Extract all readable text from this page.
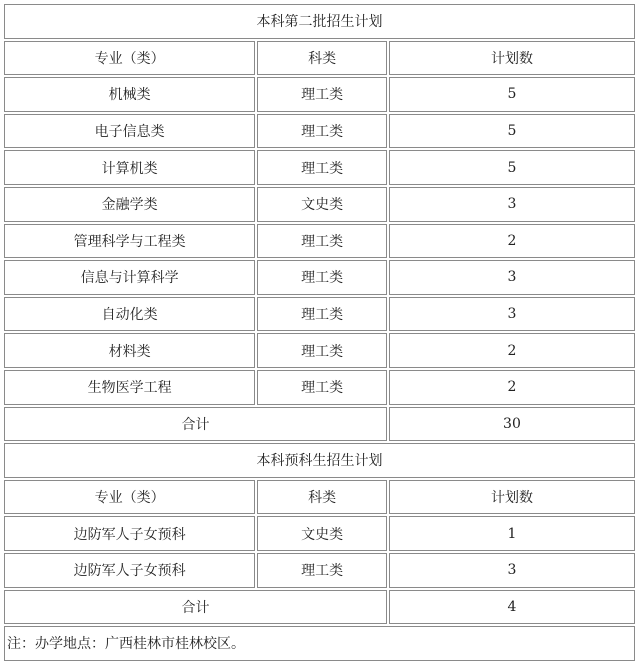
本科第二批招生计划		
专业（类）	科类	计划数
机械类	理工类	5
电子信息类	理工类	5
计算机类	理工类	5
金融学类	文史类	3
管理科学与工程类	理工类	2
信息与计算科学	理工类	3
自动化类	理工类	3
材料类	理工类	2
生物医学工程	理工类	2
合计		30
本科预科生招生计划		
专业（类）	科类	计划数
边防军人子女预科	文史类	1
边防军人子女预科	理工类	3
合计		4
注：办学地点：广西桂林市桂林校区。		
